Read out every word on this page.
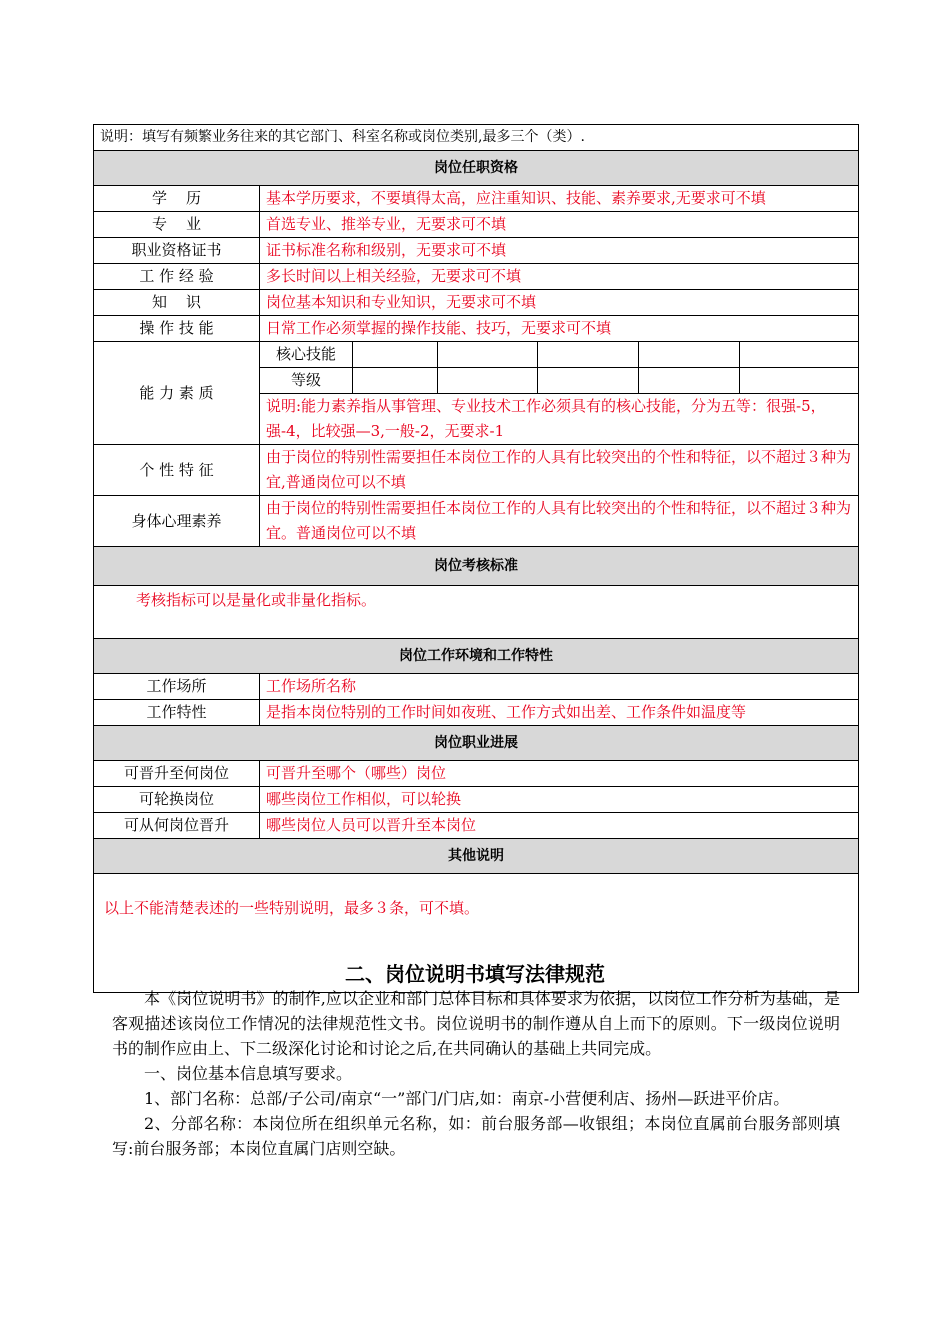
说明：填写有频繁业务往来的其它部门、科室名称或岗位类别,最多三个（类）.						
岗位任职资格						
学    历	基本学历要求，不要填得太高，应注重知识、技能、素养要求,无要求可不填					
专    业	首选专业、推举专业，无要求可不填					
职业资格证书	证书标准名称和级别，无要求可不填					
工 作 经 验	多长时间以上相关经验，无要求可不填					
知    识	岗位基本知识和专业知识，无要求可不填					
操 作 技 能	日常工作必须掌握的操作技能、技巧，无要求可不填					
能 力 素 质	核心技能					
	等级					
	说明:能力素养指从事管理、专业技术工作必须具有的核心技能，分为五等：很强-5，强-4，比较强—3,一般-2，无要求-1					
个 性 特 征	由于岗位的特别性需要担任本岗位工作的人具有比较突出的个性和特征，以不超过３种为宜,普通岗位可以不填					
身体心理素养	由于岗位的特别性需要担任本岗位工作的人具有比较突出的个性和特征，以不超过３种为宜。普通岗位可以不填					
岗位考核标准						
考核指标可以是量化或非量化指标。						
岗位工作环境和工作特性						
工作场所	工作场所名称					
工作特性	是指本岗位特别的工作时间如夜班、工作方式如出差、工作条件如温度等					
岗位职业进展						
可晋升至何岗位	可晋升至哪个（哪些）岗位					
可轮换岗位	哪些岗位工作相似，可以轮换					
可从何岗位晋升	哪些岗位人员可以晋升至本岗位					
其他说明						
以上不能清楚表述的一些特别说明，最多３条，可不填。						
二、岗位说明书填写法律规范

本《岗位说明书》的制作,应以企业和部门总体目标和具体要求为依据，以岗位工作分析为基础，是客观描述该岗位工作情况的法律规范性文书。岗位说明书的制作遵从自上而下的原则。下一级岗位说明书的制作应由上、下二级深化讨论和讨论之后,在共同确认的基础上共同完成。

一、岗位基本信息填写要求。

1、部门名称：总部/子公司/南京“一”部门/门店,如：南京-小营便利店、扬州—跃进平价店。

2、分部名称：本岗位所在组织单元名称，如：前台服务部—收银组；本岗位直属前台服务部则填写:前台服务部；本岗位直属门店则空缺。
